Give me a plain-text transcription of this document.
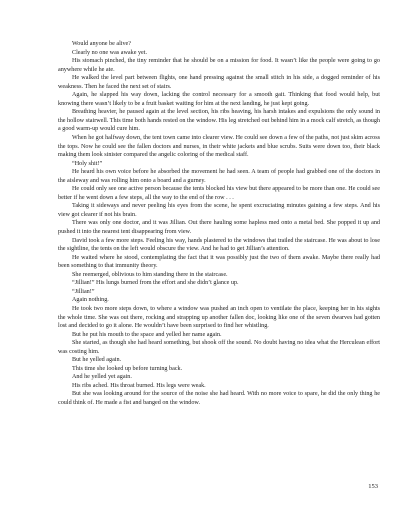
Would anyone be alive?

Clearly no one was awake yet.

His stomach pinched, the tiny reminder that he should be on a mission for food. It wasn’t like the people were going to go anywhere while he ate.

He walked the level part between flights, one hand pressing against the small stitch in his side, a dogged reminder of his weakness. Then he faced the next set of stairs.

Again, he slapped his way down, lacking the control necessary for a smooth gait. Thinking that food would help, but knowing there wasn’t likely to be a fruit basket waiting for him at the next landing, he just kept going.

Breathing heavier, he paused again at the level section, his ribs heaving, his harsh intakes and expulsions the only sound in the hollow stairwell. This time both hands rested on the window. His leg stretched out behind him in a mock calf stretch, as though a good warm-up would cure him.

When he got halfway down, the tent town came into clearer view. He could see down a few of the paths, not just skim across the tops. Now he could see the fallen doctors and nurses, in their white jackets and blue scrubs. Suits were down too, their black making them look sinister compared the angelic coloring of the medical staff.

“Holy shit!”

He heard his own voice before he absorbed the movement he had seen. A team of people had grabbed one of the doctors in the aisleway and was rolling him onto a board and a gurney.

He could only see one active person because the tents blocked his view but there appeared to be more than one. He could see better if he went down a few steps, all the way to the end of the row . . .

Taking it sideways and never peeling his eyes from the scene, he spent excruciating minutes gaining a few steps. And his view got clearer if not his brain.

There was only one doctor, and it was Jillian. Out there hauling some hapless med onto a metal bed. She popped it up and pushed it into the nearest tent disappearing from view.

David took a few more steps. Feeling his way, hands plastered to the windows that trailed the staircase. He was about to lose the sightline, the tents on the left would obscure the view. And he had to get Jillian’s attention.

He waited where he stood, contemplating the fact that it was possibly just the two of them awake. Maybe there really had been something to that immunity theory.

She reemerged, oblivious to him standing there in the staircase.

“Jillian!” His lungs burned from the effort and she didn’t glance up.

“Jillian!”

Again nothing.

He took two more steps down, to where a window was pushed an inch open to ventilate the place, keeping her in his sights the whole time. She was out there, rocking and strapping up another fallen doc, looking like one of the seven dwarves had gotten lost and decided to go it alone. He wouldn’t have been surprised to find her whistling.

But he put his mouth to the space and yelled her name again.

She started, as though she had heard something, but shook off the sound. No doubt having no idea what the Herculean effort was costing him.

But he yelled again.

This time she looked up before turning back.

And he yelled yet again.

His ribs ached. His throat burned. His legs were weak.

But she was looking around for the source of the noise she had heard. With no more voice to spare, he did the only thing he could think of. He made a fist and banged on the window.

153
